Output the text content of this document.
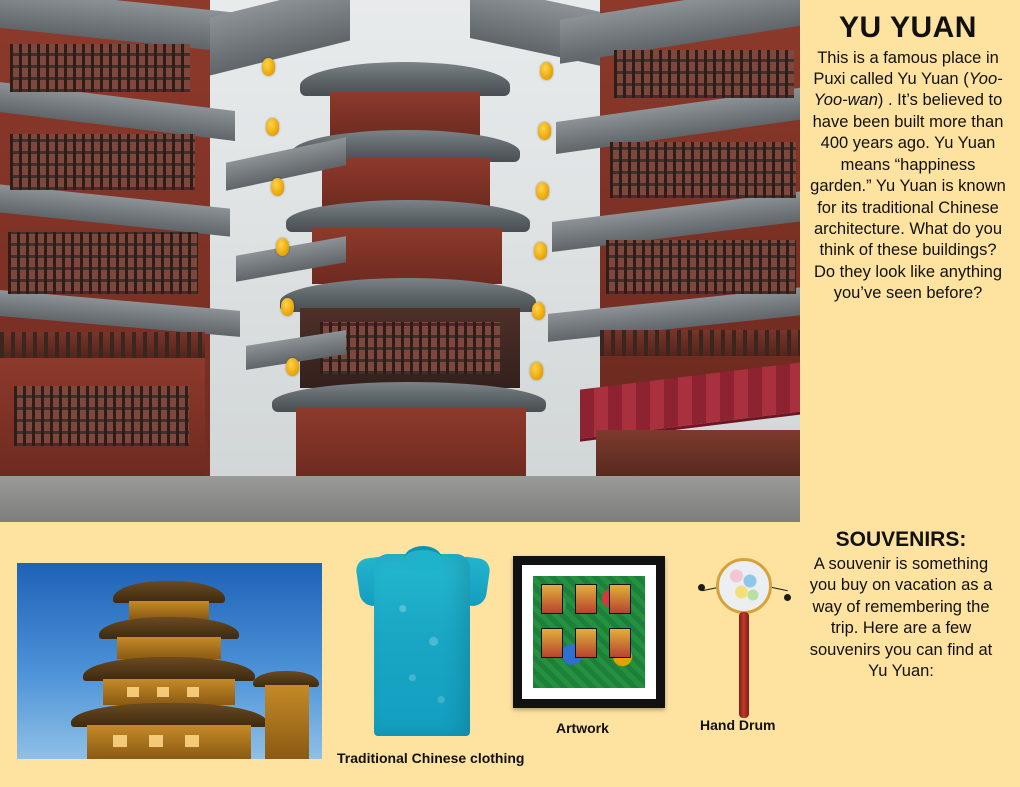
YU YUAN
This is a famous place in Puxi called Yu Yuan (Yoo-Yoo-wan) . It’s believed to have been built more than 400 years ago. Yu Yuan means “happiness garden.” Yu Yuan is known for its traditional Chinese architecture. What do you think of these buildings? Do they look like anything you’ve seen before?
Traditional Chinese clothing
Artwork	Hand Drum
SOUVENIRS:
A souvenir is something you buy on vacation as a way of remembering the trip. Here are a few souvenirs you can find at Yu Yuan:
